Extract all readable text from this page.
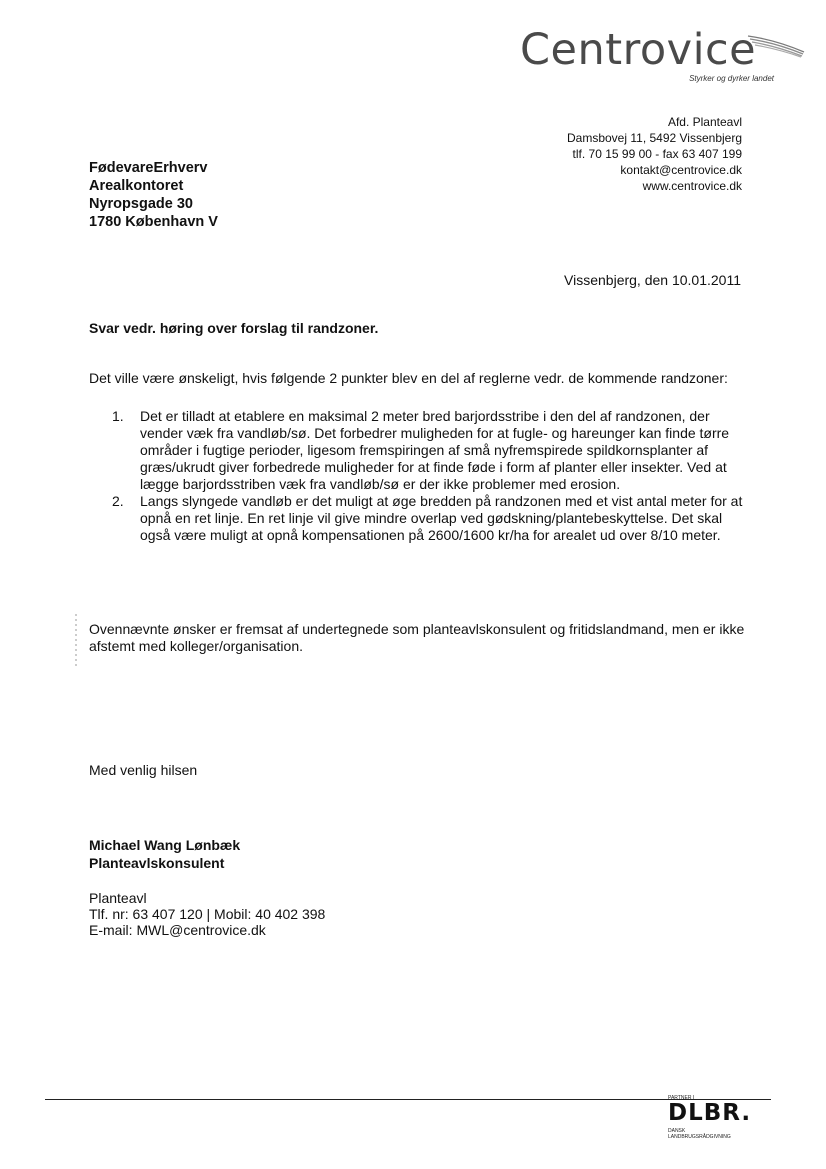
Centrovice
Styrker og dyrker landet
Afd. Planteavl
Damsbovej 11, 5492 Vissenbjerg
tlf. 70 15 99 00 - fax 63 407 199
kontakt@centrovice.dk
www.centrovice.dk
FødevareErhverv
Arealkontoret
Nyropsgade 30
1780 København V
Vissenbjerg, den 10.01.2011
Svar vedr. høring over forslag til randzoner.
Det ville være ønskeligt, hvis følgende 2 punkter blev en del af reglerne vedr. de kommende randzoner:
1. Det er tilladt at etablere en maksimal 2 meter bred barjordsstribe i den del af randzonen, der vender væk fra vandløb/sø. Det forbedrer muligheden for at fugle- og hareunger kan finde tørre områder i fugtige perioder, ligesom fremspiringen af små nyfremspirede spildkornsplanter af græs/ukrudt giver forbedrede muligheder for at finde føde i form af planter eller insekter. Ved at lægge barjordsstriben væk fra vandløb/sø er der ikke problemer med erosion.
2. Langs slyngede vandløb er det muligt at øge bredden på randzonen med et vist antal meter for at opnå en ret linje. En ret linje vil give mindre overlap ved gødskning/plantebeskyttelse. Det skal også være muligt at opnå kompensationen på 2600/1600 kr/ha for arealet ud over 8/10 meter.
Ovennævnte ønsker er fremsat af undertegnede som planteavlskonsulent og fritidslandmand, men er ikke afstemt med kolleger/organisation.
Med venlig hilsen
Michael Wang Lønbæk
Planteavlskonsulent
Planteavl
Tlf. nr: 63 407 120 | Mobil: 40 402 398
E-mail: MWL@centrovice.dk
PARTNER I
DLBR.
DANSK
LANDBRUGSRÅDGIVNING
